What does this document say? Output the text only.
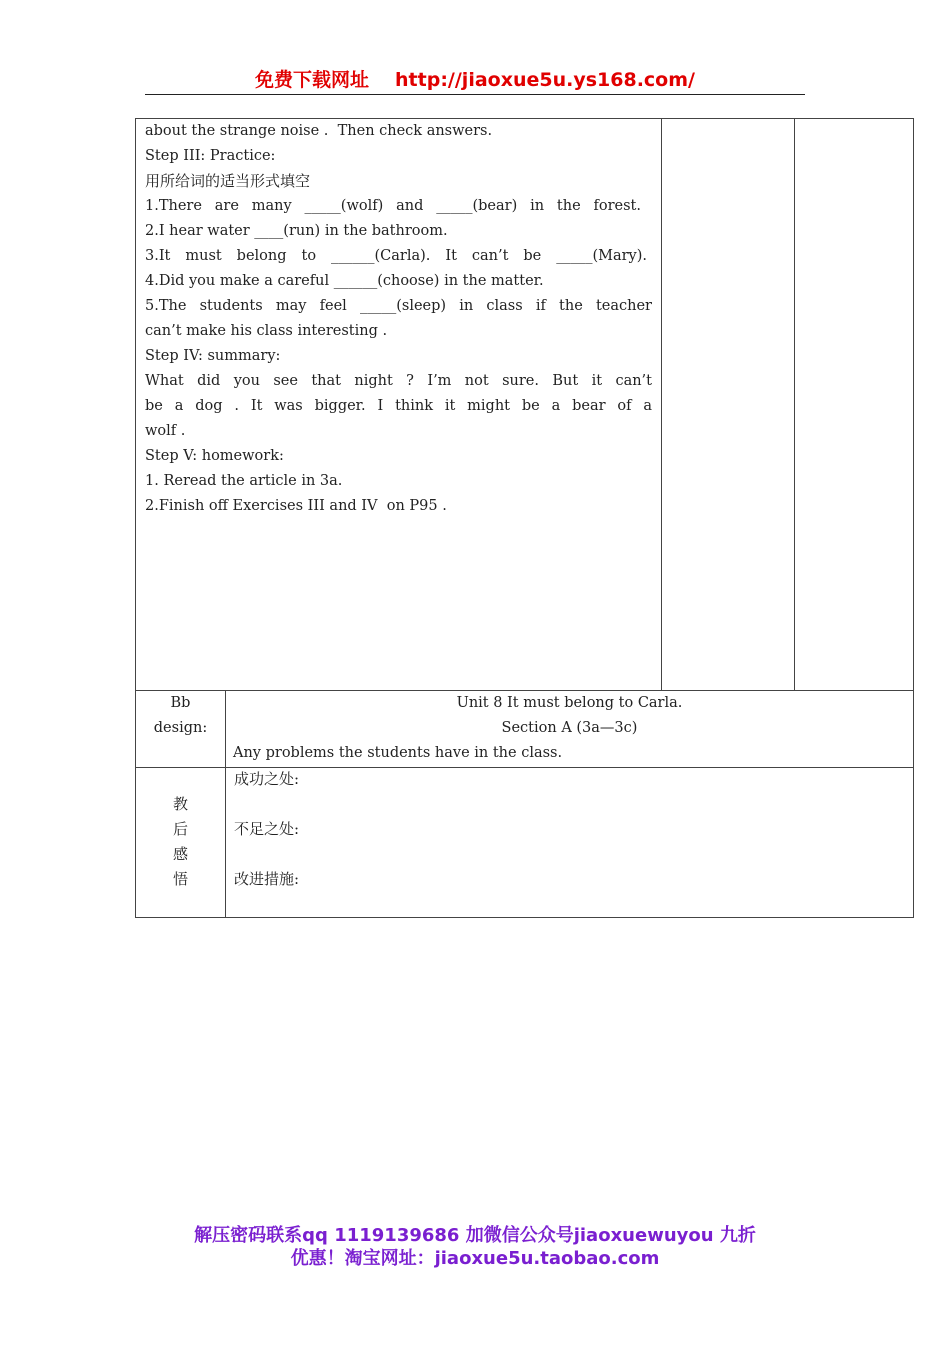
免费下载网址 http://jiaoxue5u.ys168.com/
about the strange noise .  Then check answers.
Step III: Practice:
用所给词的适当形式填空
1.There are many _____(wolf) and _____(bear) in the forest.
2.I hear water ____(run) in the bathroom.
3.It must belong to ______(Carla). It can’t be _____(Mary).
4.Did you make a careful ______(choose) in the matter.
5.The students may feel _____(sleep) in class if the teacher
can’t make his class interesting .
Step IV: summary:
What did you see that night ? I’m not sure. But it can’t
be a dog . It was bigger. I think it might be a bear of a
wolf .
Step V: homework:
1. Reread the article in 3a.
2.Finish off Exercises III and IV  on P95 .
Bb
design:
Unit 8 It must belong to Carla.
Section A (3a—3c)
Any problems the students have in the class.
教
后
感
悟
成功之处:
不足之处:
改进措施:
解压密码联系qq 1119139686 加微信公众号jiaoxuewuyou 九折
优惠！淘宝网址：jiaoxue5u.taobao.com
